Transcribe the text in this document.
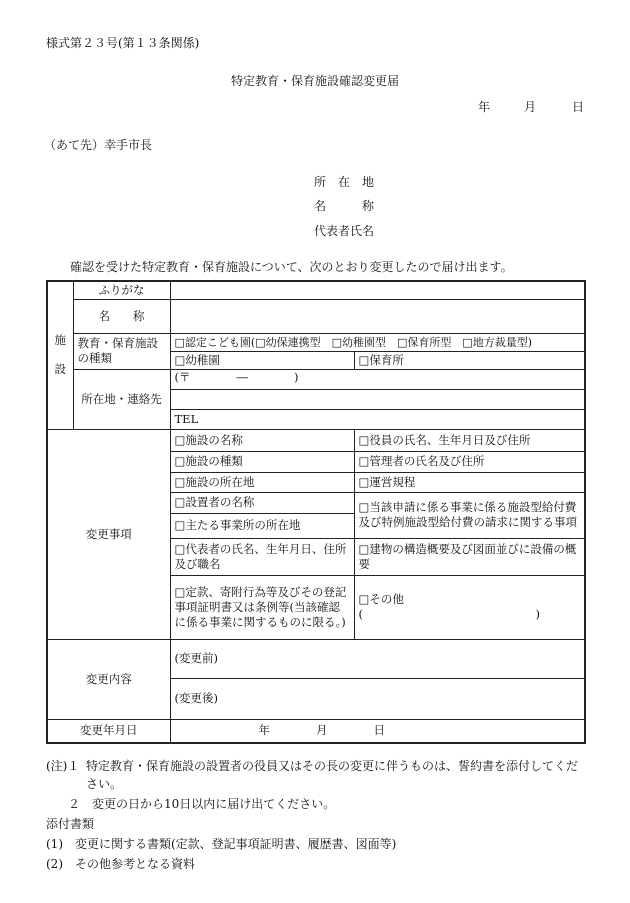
様式第２３号(第１３条関係)
特定教育・保育施設確認変更届
年	月	日
（あて先）幸手市長
所　在　地
名　　　称
代表者氏名
確認を受けた特定教育・保育施設について、次のとおり変更したので届け出ます。
施
設	ふりがな		
	名　　称		
	教育・保育施設の種類	□認定こども園(□幼保連携型　□幼稚園型　□保育所型　□地方裁量型)	
		□幼稚園	□保育所
	所在地・連絡先	(〒　　　　―　　　　)	

		TEL	
変更事項		□施設の名称	□役員の氏名、生年月日及び住所
		□施設の種類	□管理者の氏名及び住所
		□施設の所在地	□運営規程
		□設置者の名称	□当該申請に係る事業に係る施設型給付費及び特例施設型給付費の請求に関する事項
		□主たる事業所の所在地	
		□代表者の氏名、生年月日、住所及び職名	□建物の構造概要及び図面並びに設備の概要
		□定款、寄附行為等及びその登記事項証明書又は条例等(当該確認に係る事業に関するものに限る。)	□その他
(　　　　　　　　　　　　　　　)

変更内容		(変更前)	
		(変更後)	
変更年月日		年　　　　月　　　　日	
(注)１ 特定教育・保育施設の設置者の役員又はその長の変更に伴うものは、誓約書を添付してください。
２　変更の日から10日以内に届け出てください。
添付書類
(1)　変更に関する書類(定款、登記事項証明書、履歴書、図面等)
(2)　その他参考となる資料
